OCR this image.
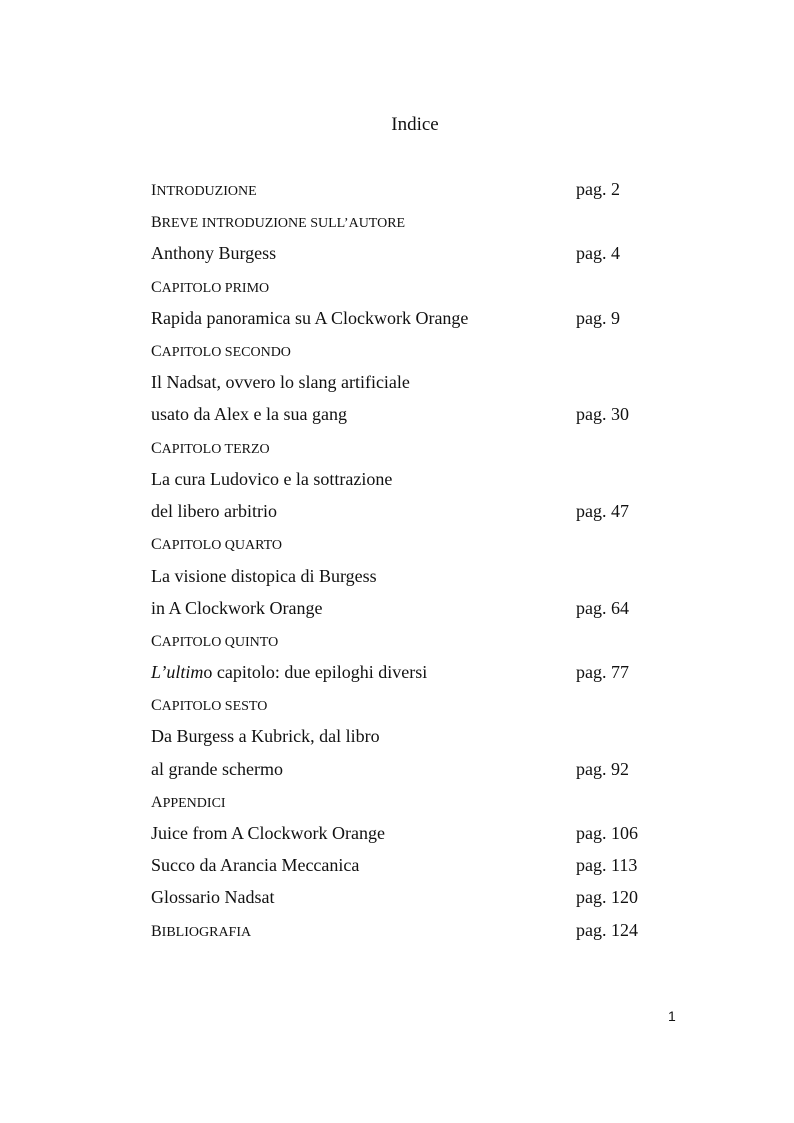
Indice
INTRODUZIONE	pag. 2
BREVE INTRODUZIONE SULL’AUTORE
Anthony Burgess	pag. 4
CAPITOLO PRIMO
Rapida panoramica su A Clockwork Orange	pag. 9
CAPITOLO SECONDO
Il Nadsat, ovvero lo slang artificiale
usato da Alex e la sua gang	pag. 30
CAPITOLO TERZO
La cura Ludovico e la sottrazione
del libero arbitrio	pag. 47
CAPITOLO QUARTO
La visione distopica di Burgess
in A Clockwork Orange	pag. 64
CAPITOLO QUINTO
L’ultimo capitolo: due epiloghi diversi	pag. 77
CAPITOLO SESTO
Da Burgess a Kubrick, dal libro
al grande schermo	pag. 92
APPENDICI
Juice from A Clockwork Orange	pag. 106
Succo da Arancia Meccanica	pag. 113
Glossario Nadsat	pag. 120
BIBLIOGRAFIA	pag. 124
1
